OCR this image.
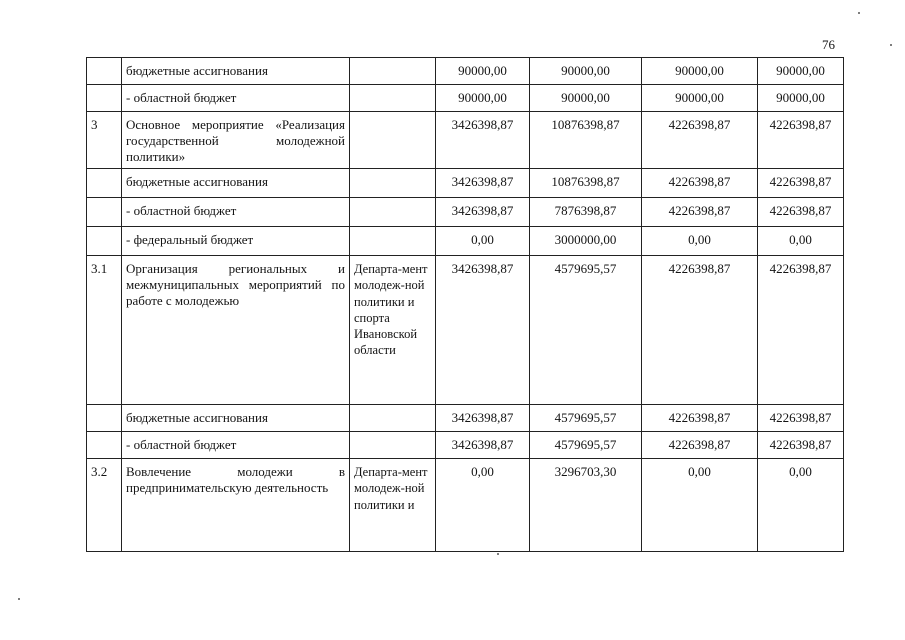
76
	бюджетные ассигнования		90000,00	90000,00	90000,00	90000,00
	- областной бюджет		90000,00	90000,00	90000,00	90000,00
3	Основное мероприятие «Реализация государственной молодежной политики»		3426398,87	10876398,87	4226398,87	4226398,87
	бюджетные ассигнования		3426398,87	10876398,87	4226398,87	4226398,87
	- областной бюджет		3426398,87	7876398,87	4226398,87	4226398,87
	- федеральный бюджет		0,00	3000000,00	0,00	0,00
3.1	Организация региональных и межмуниципальных мероприятий по работе с молодежью	Департа-мент молодеж-ной политики и спорта Ивановской области	3426398,87	4579695,57	4226398,87	4226398,87
	бюджетные ассигнования		3426398,87	4579695,57	4226398,87	4226398,87
	- областной бюджет		3426398,87	4579695,57	4226398,87	4226398,87
3.2	Вовлечение молодежи в предпринимательскую деятельность	Департа-мент молодеж-ной политики и	0,00	3296703,30	0,00	0,00
